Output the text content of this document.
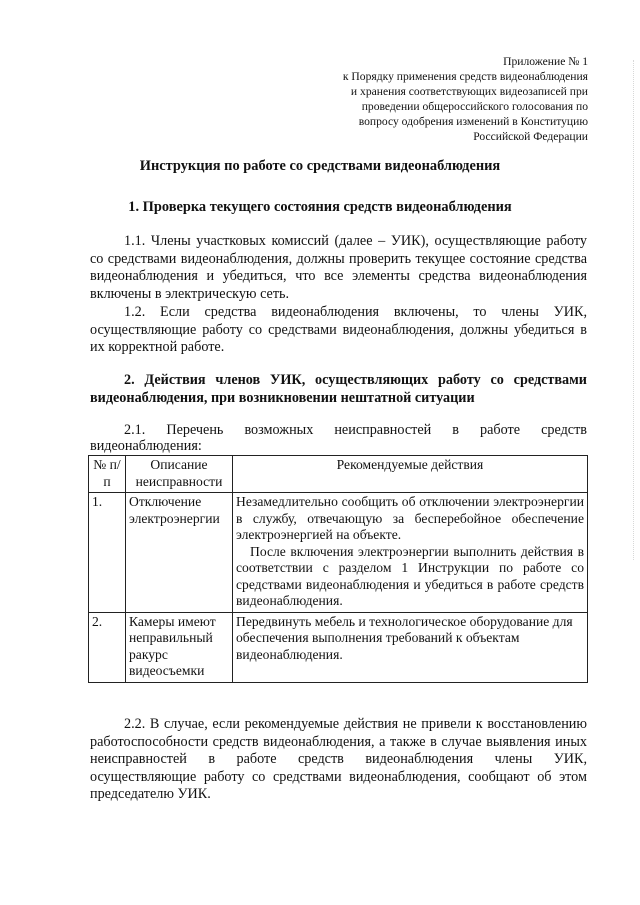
Приложение № 1
к Порядку применения средств видеонаблюдения
и хранения соответствующих видеозаписей при
проведении общероссийского голосования по
вопросу одобрения изменений в Конституцию
Российской Федерации
Инструкция по работе со средствами видеонаблюдения
1. Проверка текущего состояния средств видеонаблюдения
1.1. Члены участковых комиссий (далее – УИК), осуществляющие работу со средствами видеонаблюдения, должны проверить текущее состояние средства видеонаблюдения и убедиться, что все элементы средства видеонаблюдения включены в электрическую сеть.
1.2. Если средства видеонаблюдения включены, то члены УИК, осуществляющие работу со средствами видеонаблюдения, должны убедиться в их корректной работе.
2. Действия членов УИК, осуществляющих работу со средствами видеонаблюдения, при возникновении нештатной ситуации
2.1. Перечень возможных неисправностей в работе средств видеонаблюдения:
№ п/п	Описание неисправности	Рекомендуемые действия
1.	Отключение электроэнергии	Незамедлительно сообщить об отключении электроэнергии в службу, отвечающую за бесперебойное обеспечение электроэнергией на объекте.

После включения электроэнергии выполнить действия в соответствии с разделом 1 Инструкции по работе со средствами видеонаблюдения и убедиться в работе средств видеонаблюдения.

2.	Камеры имеют неправильный ракурс видеосъемки	Передвинуть мебель и технологическое оборудование для обеспечения выполнения требований к объектам видеонаблюдения.

2.2. В случае, если рекомендуемые действия не привели к восстановлению работоспособности средств видеонаблюдения, а также в случае выявления иных неисправностей в работе средств видеонаблюдения члены УИК, осуществляющие работу со средствами видеонаблюдения, сообщают об этом председателю УИК.
